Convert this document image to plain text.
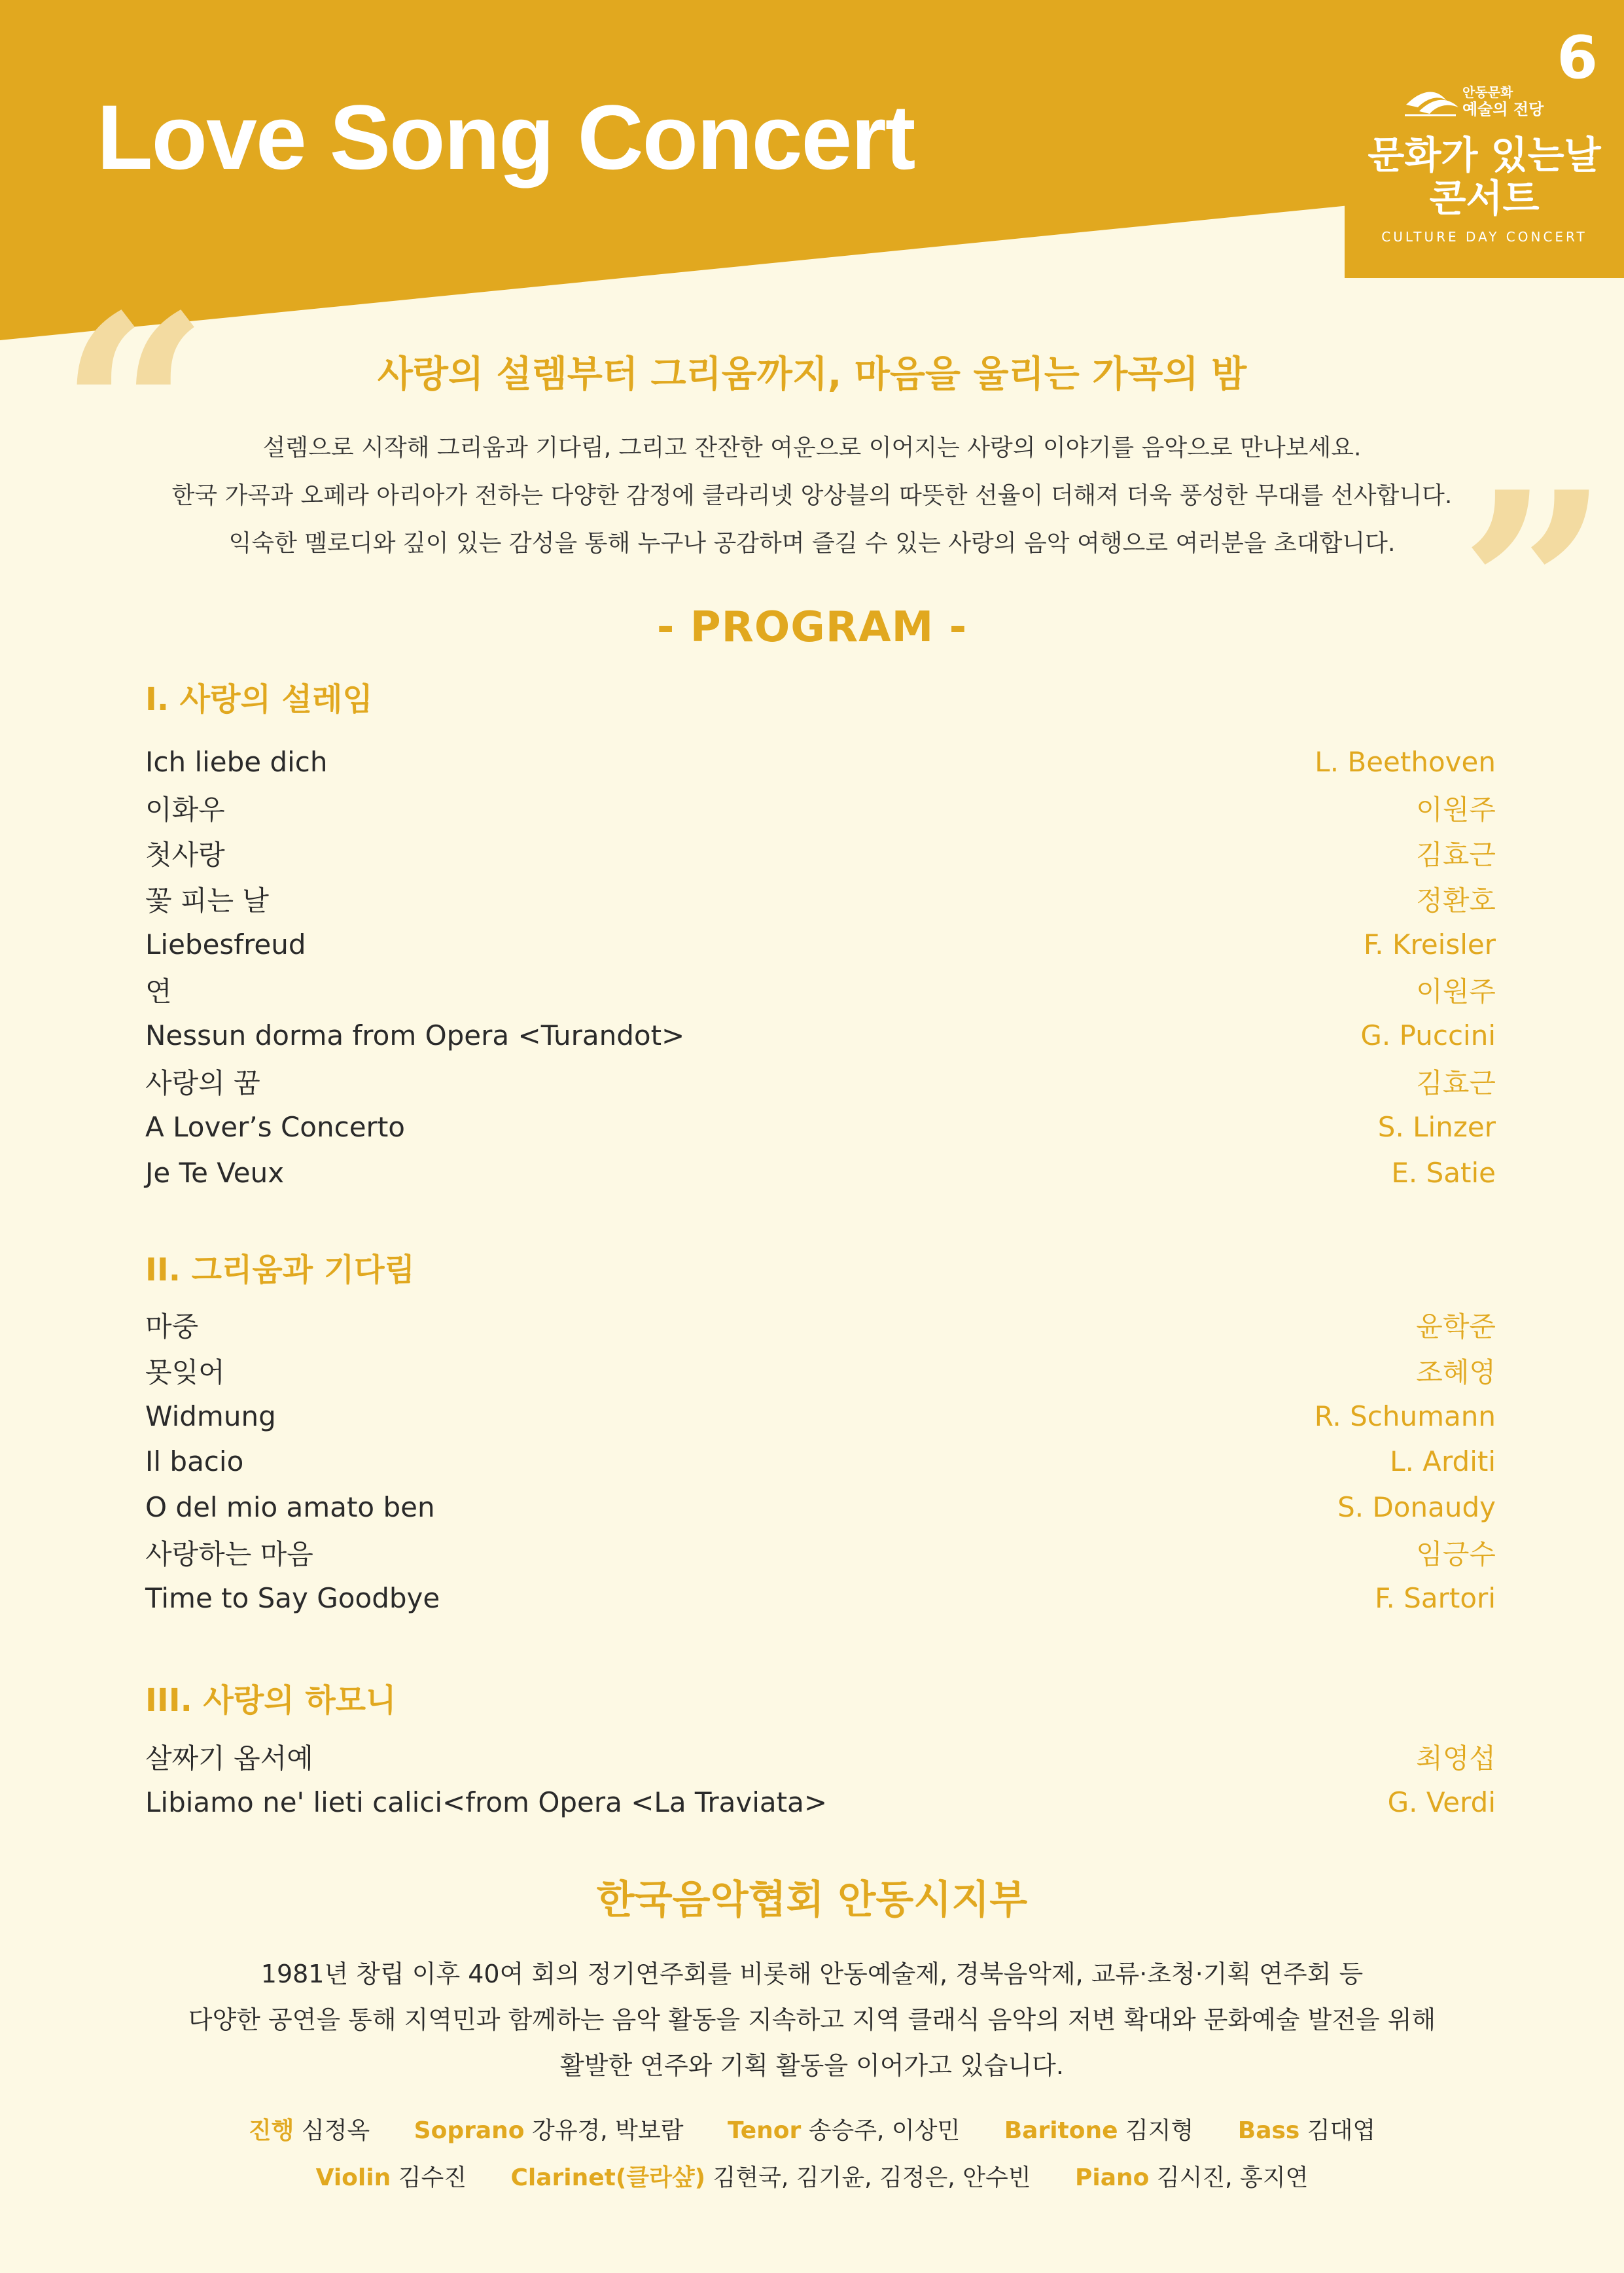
Love Song Concert
6
안동문화
예술의 전당
문화가 있는날
콘서트
CULTURE DAY CONCERT
“
”
사랑의 설렘부터 그리움까지, 마음을 울리는 가곡의 밤
설렘으로 시작해 그리움과 기다림, 그리고 잔잔한 여운으로 이어지는 사랑의 이야기를 음악으로 만나보세요.
한국 가곡과 오페라 아리아가 전하는 다양한 감정에 클라리넷 앙상블의 따뜻한 선율이 더해져 더욱 풍성한 무대를 선사합니다.
익숙한 멜로디와 깊이 있는 감성을 통해 누구나 공감하며 즐길 수 있는 사랑의 음악 여행으로 여러분을 초대합니다.
- PROGRAM -
I. 사랑의 설레임
Ich liebe dich	L. Beethoven
이화우	이원주
첫사랑	김효근
꽃 피는 날	정환호
Liebesfreud	F. Kreisler
연	이원주
Nessun dorma from Opera <Turandot>	G. Puccini
사랑의 꿈	김효근
A Lover’s Concerto	S. Linzer
Je Te Veux	E. Satie
II. 그리움과 기다림
마중	윤학준
못잊어	조혜영
Widmung	R. Schumann
Il bacio	L. Arditi
O del mio amato ben	S. Donaudy
사랑하는 마음	임긍수
Time to Say Goodbye	F. Sartori
III. 사랑의 하모니
살짜기 옵서예	최영섭
Libiamo ne' lieti calici<from Opera <La Traviata>	G. Verdi
한국음악협회 안동시지부
1981년 창립 이후 40여 회의 정기연주회를 비롯해 안동예술제, 경북음악제, 교류·초청·기획 연주회 등
다양한 공연을 통해 지역민과 함께하는 음악 활동을 지속하고 지역 클래식 음악의 저변 확대와 문화예술 발전을 위해
활발한 연주와 기획 활동을 이어가고 있습니다.
진행 심정옥 Soprano 강유경, 박보람 Tenor 송승주, 이상민 Baritone 김지형 Bass 김대엽
Violin 김수진 Clarinet(클라샾) 김현국, 김기윤, 김정은, 안수빈 Piano 김시진, 홍지연
